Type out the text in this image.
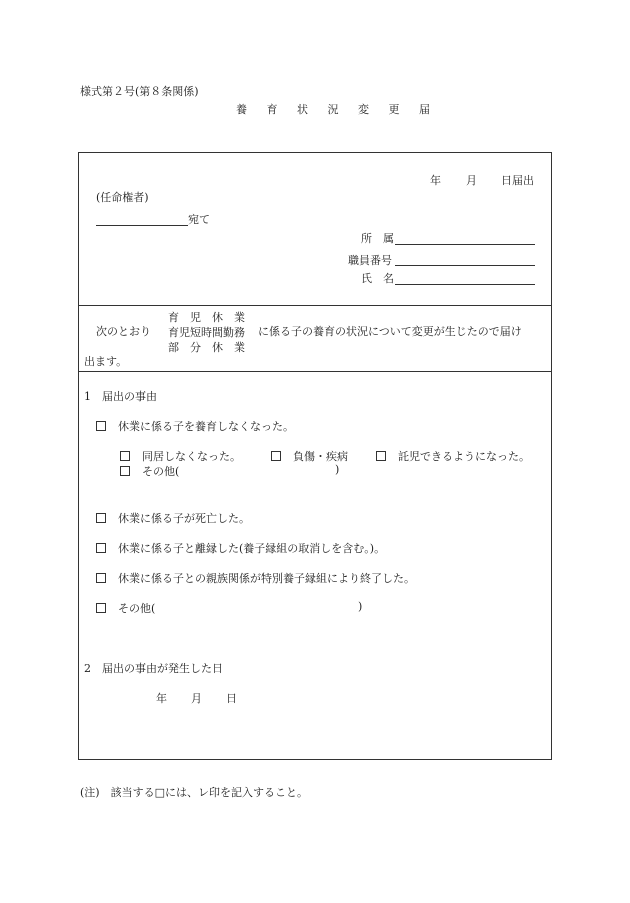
様式第２号(第８条関係)
養 育 状 況 変 更 届
年 月 日届出
(任命権者)
宛て
所　属
職員番号
氏　名
次のとおり
育　児　休　業
育児短時間勤務
部　分　休　業
に係る子の養育の状況について変更が生じたので届け
出ます。
1　届出の事由
休業に係る子を養育しなくなった。
同居しなくなった。	負傷・疾病	託児できるようになった。
その他(	)
休業に係る子が死亡した。
休業に係る子と離縁した(養子縁組の取消しを含む。)。
休業に係る子との親族関係が特別養子縁組により終了した。
その他(	)
2　届出の事由が発生した日
年 月 日
(注)　該当する□には、レ印を記入すること。
